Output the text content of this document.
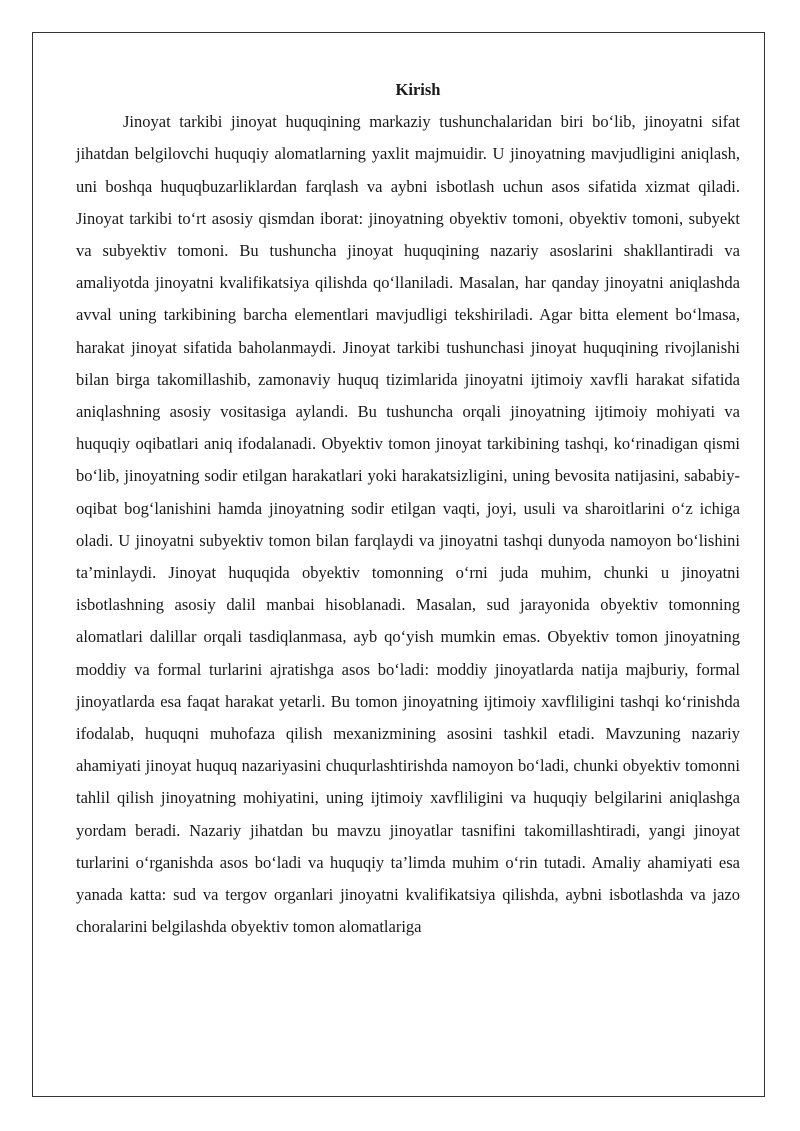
Kirish

Jinoyat tarkibi jinoyat huquqining markaziy tushunchalaridan biri bo‘lib, jinoyatni sifat jihatdan belgilovchi huquqiy alomatlarning yaxlit majmuidir. U jinoyatning mavjudligini aniqlash, uni boshqa huquqbuzarliklardan farqlash va aybni isbotlash uchun asos sifatida xizmat qiladi. Jinoyat tarkibi to‘rt asosiy qismdan iborat: jinoyatning obyektiv tomoni, obyektiv tomoni, subyekt va subyektiv tomoni. Bu tushuncha jinoyat huquqining nazariy asoslarini shakllantiradi va amaliyotda jinoyatni kvalifikatsiya qilishda qo‘llaniladi. Masalan, har qanday jinoyatni aniqlashda avval uning tarkibining barcha elementlari mavjudligi tekshiriladi. Agar bitta element bo‘lmasa, harakat jinoyat sifatida baholanmaydi. Jinoyat tarkibi tushunchasi jinoyat huquqining rivojlanishi bilan birga takomillashib, zamonaviy huquq tizimlarida jinoyatni ijtimoiy xavfli harakat sifatida aniqlashning asosiy vositasiga aylandi. Bu tushuncha orqali jinoyatning ijtimoiy mohiyati va huquqiy oqibatlari aniq ifodalanadi. Obyektiv tomon jinoyat tarkibining tashqi, ko‘rinadigan qismi bo‘lib, jinoyatning sodir etilgan harakatlari yoki harakatsizligini, uning bevosita natijasini, sababiy-oqibat bog‘lanishini hamda jinoyatning sodir etilgan vaqti, joyi, usuli va sharoitlarini o‘z ichiga oladi. U jinoyatni subyektiv tomon bilan farqlaydi va jinoyatni tashqi dunyoda namoyon bo‘lishini ta’minlaydi. Jinoyat huquqida obyektiv tomonning o‘rni juda muhim, chunki u jinoyatni isbotlashning asosiy dalil manbai hisoblanadi. Masalan, sud jarayonida obyektiv tomonning alomatlari dalillar orqali tasdiqlanmasa, ayb qo‘yish mumkin emas. Obyektiv tomon jinoyatning moddiy va formal turlarini ajratishga asos bo‘ladi: moddiy jinoyatlarda natija majburiy, formal jinoyatlarda esa faqat harakat yetarli. Bu tomon jinoyatning ijtimoiy xavfliligini tashqi ko‘rinishda ifodalab, huquqni muhofaza qilish mexanizmining asosini tashkil etadi. Mavzuning nazariy ahamiyati jinoyat huquq nazariyasini chuqurlashtirishda namoyon bo‘ladi, chunki obyektiv tomonni tahlil qilish jinoyatning mohiyatini, uning ijtimoiy xavfliligini va huquqiy belgilarini aniqlashga yordam beradi. Nazariy jihatdan bu mavzu jinoyatlar tasnifini takomillashtiradi, yangi jinoyat turlarini o‘rganishda asos bo‘ladi va huquqiy ta’limda muhim o‘rin tutadi. Amaliy ahamiyati esa yanada katta: sud va tergov organlari jinoyatni kvalifikatsiya qilishda, aybni isbotlashda va jazo choralarini belgilashda obyektiv tomon alomatlariga
